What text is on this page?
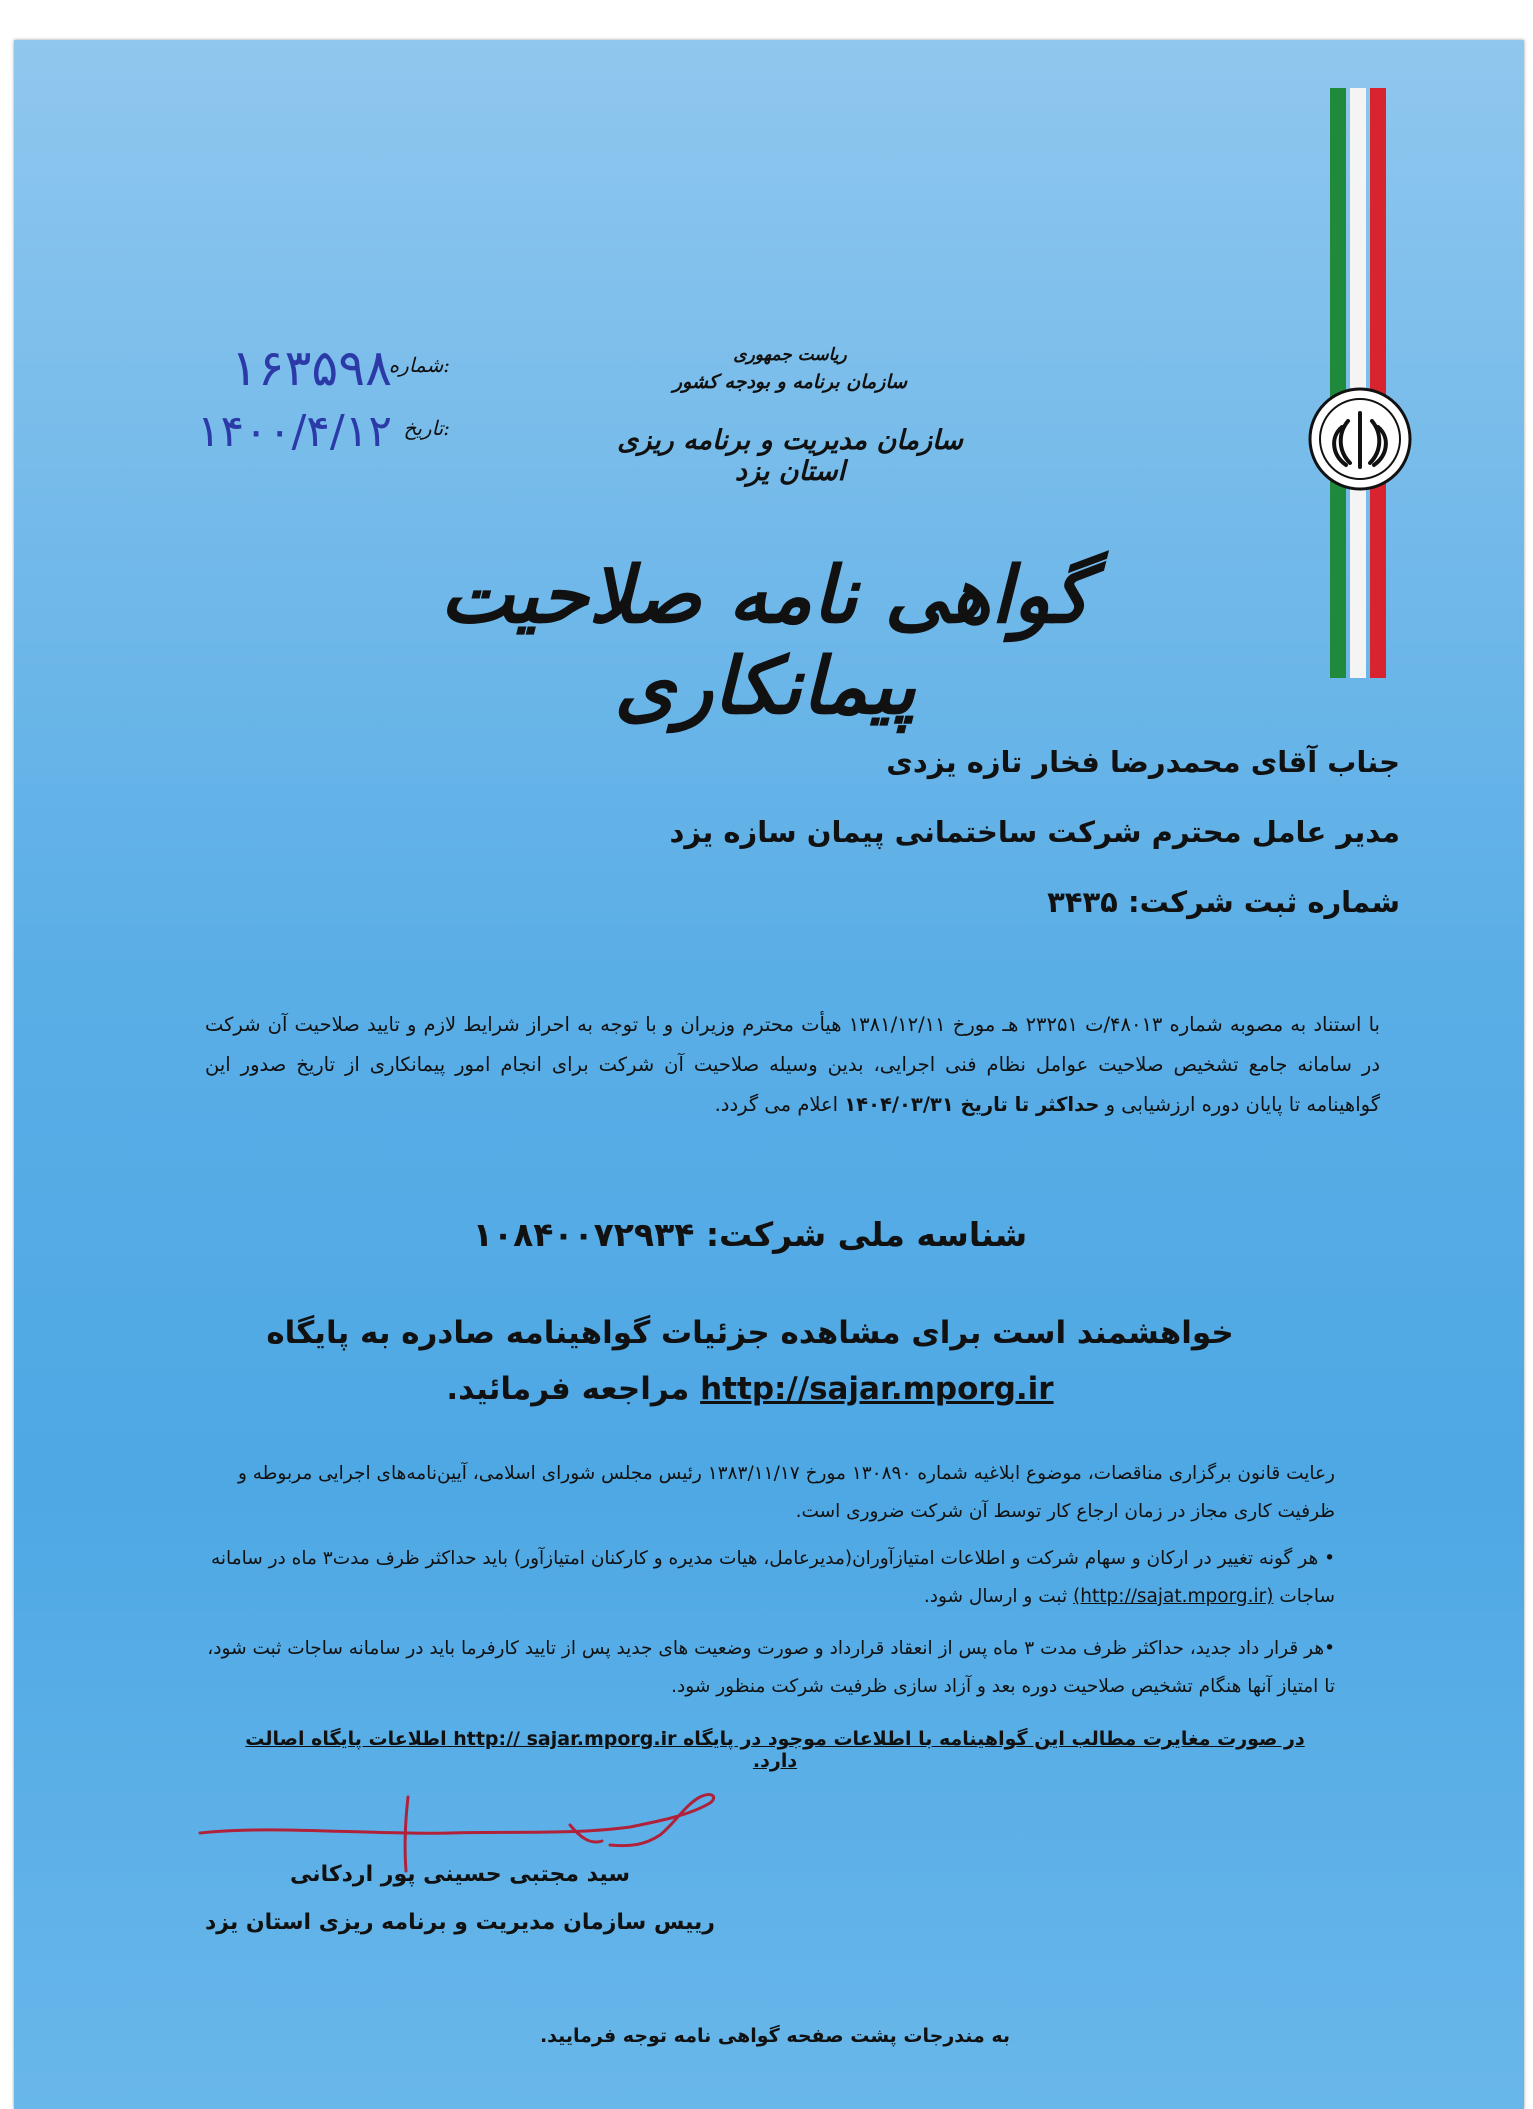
شماره:
۱۶۳۵۹۸
تاریخ:
۱۴۰۰/۴/۱۲
ریاست جمهوری
سازمان برنامه و بودجه کشور
سازمان مدیریت و برنامه ریزی استان یزد
گواهی نامه صلاحیت پیمانکاری
جناب آقای محمدرضا فخار تازه یزدی
مدیر عامل محترم شرکت ساختمانی پیمان سازه یزد
شماره ثبت شرکت: ۳۴۳۵
با استناد به مصوبه شماره ۴۸۰۱۳/ت ۲۳۲۵۱ هـ مورخ ۱۳۸۱/۱۲/۱۱ هیأت محترم وزیران و با توجه به احراز شرایط لازم و تایید صلاحیت آن شرکت در سامانه جامع تشخیص صلاحیت عوامل نظام فنی اجرایی، بدین وسیله صلاحیت آن شرکت برای انجام امور پیمانکاری از تاریخ صدور این گواهینامه تا پایان دوره ارزشیابی و حداکثر تا تاریخ ۱۴۰۴/۰۳/۳۱ اعلام می گردد.
شناسه ملی شرکت: ۱۰۸۴۰۰۷۲۹۳۴
خواهشمند است برای مشاهده جزئیات گواهینامه صادره به پایگاه
http://sajar.mporg.ir مراجعه فرمائید.
رعایت قانون برگزاری مناقصات، موضوع ابلاغیه شماره ۱۳۰۸۹۰ مورخ ۱۳۸۳/۱۱/۱۷ رئیس مجلس شورای اسلامی، آیین‌نامه‌های اجرایی مربوطه و ظرفیت کاری مجاز در زمان ارجاع کار توسط آن شرکت ضروری است.
• هر گونه تغییر در ارکان و سهام شرکت و اطلاعات امتیازآوران(مدیرعامل، هیات مدیره و کارکنان امتیازآور) باید حداکثر ظرف مدت۳ ماه در سامانه ساجات (http://sajat.mporg.ir) ثبت و ارسال شود.
•هر قرار داد جدید، حداکثر ظرف مدت ۳ ماه پس از انعقاد قرارداد و صورت وضعیت های جدید پس از تایید کارفرما باید در سامانه ساجات ثبت شود، تا امتیاز آنها هنگام تشخیص صلاحیت دوره بعد و آزاد سازی ظرفیت شرکت منظور شود.
در صورت مغایرت مطالب این گواهینامه با اطلاعات موجود در پایگاه http:// sajar.mporg.ir اطلاعات پایگاه اصالت دارد.
سید مجتبی حسینی پور اردکانی
رییس سازمان مدیریت و برنامه ریزی استان یزد
به مندرجات پشت صفحه گواهی نامه توجه فرمایید.
